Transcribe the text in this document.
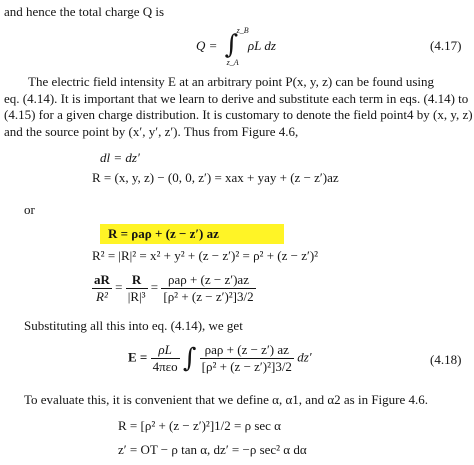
and hence the total charge Q is
Q = ∫
z_B
z_A
ρL dz	(4.17)
The electric field intensity E at an arbitrary point P(x, y, z) can be found using
eq. (4.14). It is important that we learn to derive and substitute each term in eqs. (4.14) to
(4.15) for a given charge distribution. It is customary to denote the field point4 by (x, y, z)
and the source point by (x′, y′, z′). Thus from Figure 4.6,
dl = dz′
R = (x, y, z) − (0, 0, z′) = xax + yay + (z − z′)az
or
R = ρaρ + (z − z′) az
R² = |R|² = x² + y² + (z − z′)² = ρ² + (z − z′)²
$\frac{aR}{\text{R²}} = \frac{R}{\text{|R|³}} = \frac{\text{ρaρ + (z − z′)az}}{\text{[ρ² + (z − z′)²]3/2}}$
Substituting all this into eq. (4.14), we get
$E = \frac{\rho L}{\text{4πεo}}$ ∫ $\frac{\text{ρaρ + (z − z′) az}}{\text{[ρ² + (z − z′)²]3/2}} dz'$	(4.18)
To evaluate this, it is convenient that we define α, α1, and α2 as in Figure 4.6.
R = [ρ² + (z − z′)²]1/2 = ρ sec α
z′ = OT − ρ tan α, dz′ = −ρ sec² α dα
